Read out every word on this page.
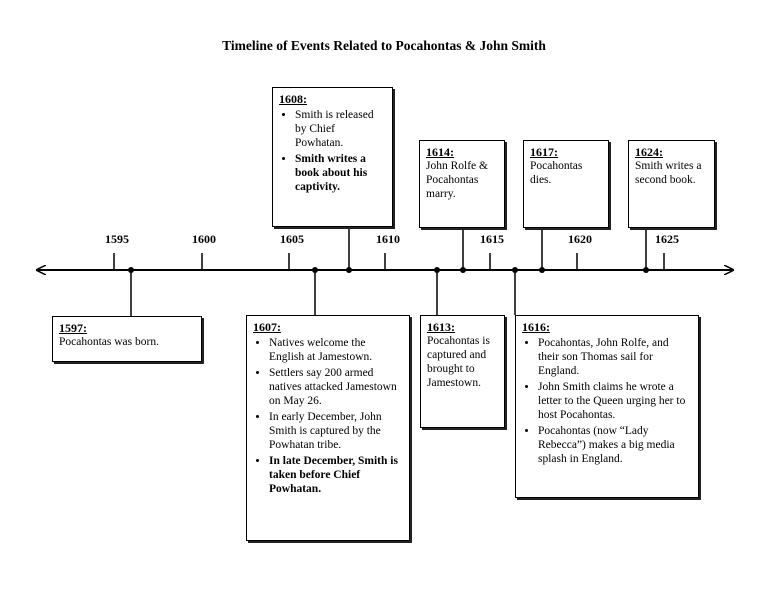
Timeline of Events Related to Pocahontas & John Smith
1595	1600	1605	1610	1615	1620	1625
1608:
• Smith is released by Chief Powhatan.
• Smith writes a book about his captivity.
1614:
John Rolfe & Pocahontas marry.
1617:
Pocahontas dies.
1624:
Smith writes a second book.
1597:
Pocahontas was born.
1607:
• Natives welcome the English at Jamestown.
• Settlers say 200 armed natives attacked Jamestown on May 26.
• In early December, John Smith is captured by the Powhatan tribe.
• In late December, Smith is taken before Chief Powhatan.
1613:
Pocahontas is captured and brought to Jamestown.
1616:
• Pocahontas, John Rolfe, and their son Thomas sail for England.
• John Smith claims he wrote a letter to the Queen urging her to host Pocahontas.
• Pocahontas (now “Lady Rebecca”) makes a big media splash in England.
